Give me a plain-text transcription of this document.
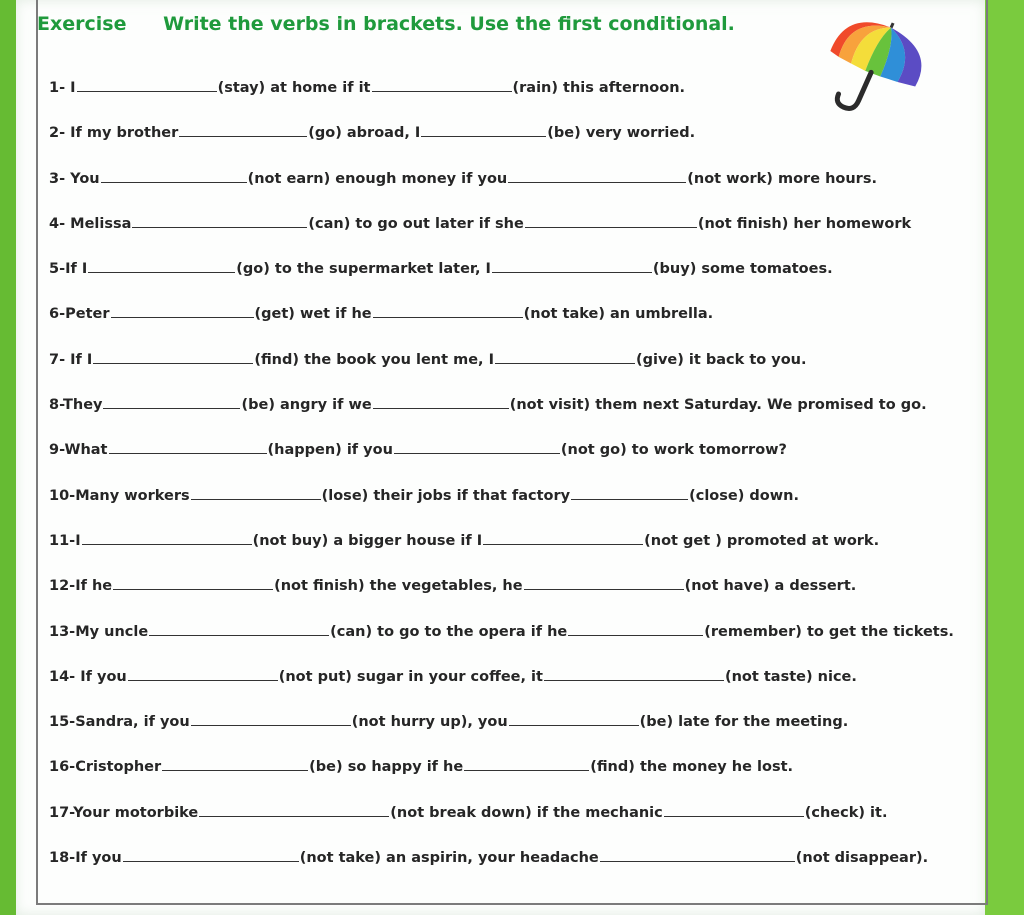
Exercise Write the verbs in brackets. Use the first conditional.
1- I	(stay) at home if it	(rain) this afternoon.
2- If my brother	(go) abroad, I	(be) very worried.
3- You	(not earn) enough money if you	(not work) more hours.
4- Melissa	(can) to go out later if she	(not finish) her homework
5-If I	(go) to the supermarket later, I	(buy) some tomatoes.
6-Peter	(get) wet if he	(not take) an umbrella.
7- If I	(find) the book you lent me, I	(give) it back to you.
8-They	(be) angry if we	(not visit) them next Saturday. We promised to go.
9-What	(happen) if you	(not go) to work tomorrow?
10-Many workers	(lose) their jobs if that factory	(close) down.
11-I	(not buy) a bigger house if I	(not get ) promoted at work.
12-If he	(not finish) the vegetables, he	(not have) a dessert.
13-My uncle	(can) to go to the opera if he	(remember) to get the tickets.
14- If you	(not put) sugar in your coffee, it	(not taste) nice.
15-Sandra, if you	(not hurry up), you	(be) late for the meeting.
16-Cristopher	(be) so happy if he	(find) the money he lost.
17-Your motorbike	(not break down) if the mechanic	(check) it.
18-If you	(not take) an aspirin, your headache	(not disappear).
